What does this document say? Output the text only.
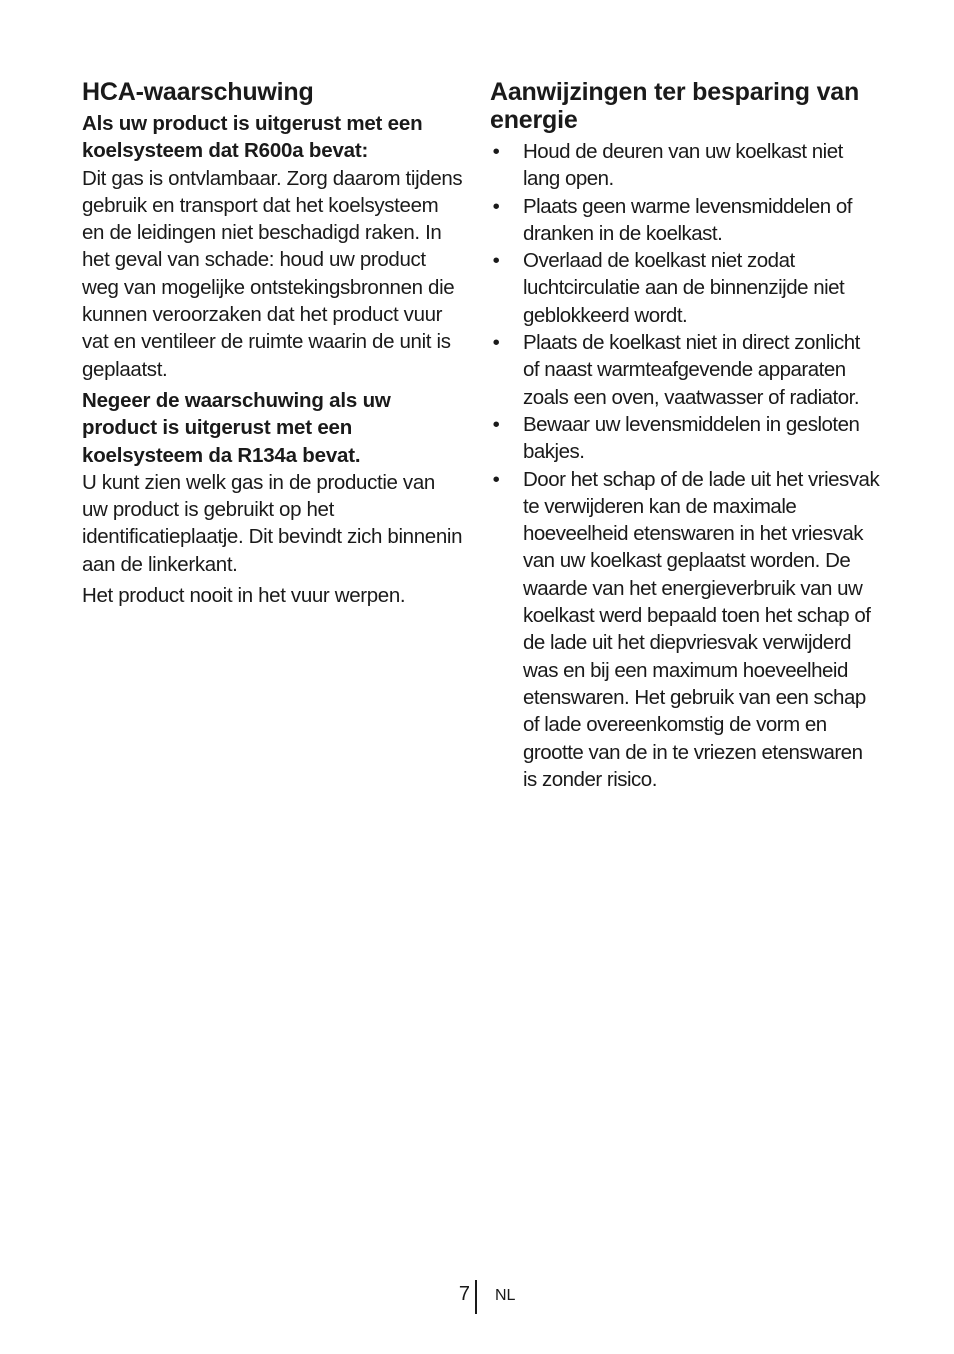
HCA-waarschuwing

Als uw product is uitgerust met een koelsysteem dat R600a bevat:

Dit gas is ontvlambaar. Zorg daarom tijdens gebruik en transport dat het koelsysteem en de leidingen niet beschadigd raken. In het geval van schade: houd uw product weg van mogelijke ontstekingsbronnen die kunnen veroorzaken dat het product vuur vat en ventileer de ruimte waarin de unit is geplaatst.

Negeer de waarschuwing als uw product is uitgerust met een koelsysteem da R134a bevat.

U kunt zien welk gas in de productie van uw product is gebruikt op het identificatieplaatje. Dit bevindt zich binnenin aan de linkerkant.

Het product nooit in het vuur werpen.

Aanwijzingen ter besparing van energie
• Houd de deuren van uw koelkast niet lang open.
• Plaats geen warme levensmiddelen of dranken in de koelkast.
• Overlaad de koelkast niet zodat luchtcirculatie aan de binnenzijde niet geblokkeerd wordt.
• Plaats de koelkast niet in direct zonlicht of naast warmteafgevende apparaten zoals een oven, vaatwasser of radiator.
• Bewaar uw levensmiddelen in gesloten bakjes.
• Door het schap of de lade uit het vriesvak te verwijderen kan de maximale hoeveelheid etenswaren in het vriesvak van uw koelkast geplaatst worden. De waarde van het energieverbruik van uw koelkast werd bepaald toen het schap of de lade uit het diepvriesvak verwijderd was en bij een maximum hoeveelheid etenswaren. Het gebruik van een schap of lade overeenkomstig de vorm en grootte van de in te vriezen etenswaren is zonder risico.
7 NL
